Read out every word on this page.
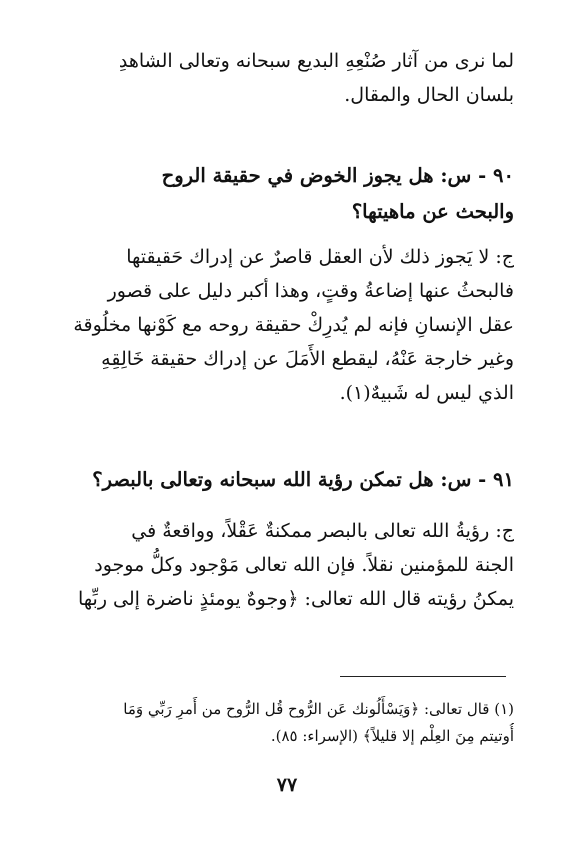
لما نرى من آثار صُنْعِهِ البديع سبحانه وتعالى الشاهدِ
بلسان الحال والمقال.
٩٠ - س: هل يجوز الخوض في حقيقة الروح
والبحث عن ماهيتها؟
ج: لا يَجوز ذلك لأن العقل قاصرٌ عن إدراك حَقيقتها
فالبحثُ عنها إضاعةُ وقتٍ، وهذا أكبر دليل على قصور
عقل الإنسانِ فإنه لم يُدرِكْ حقيقة روحه مع كَوْنها مخلُوقة
وغير خارجة عَنْهُ، ليقطع الأَمَلَ عن إدراك حقيقة خَالِقِهِ
الذي ليس له شَبيهٌ(١).
٩١ - س: هل تمكن رؤية الله سبحانه وتعالى بالبصر؟
ج: رؤيةُ الله تعالى بالبصر ممكنةٌ عَقْلاً، وواقعةٌ في
الجنة للمؤمنين نقلاً. فإن الله تعالى مَوْجود وكلُّ موجود
يمكنُ رؤيته قال الله تعالى: ﴿وجوهٌ يومئذٍ ناضرة إلى ربِّها
(١) قال تعالى: ﴿وَيَسْأَلُونك عَن الرُّوح قُل الرُّوح من أَمرِ رَبِّي وَمَا
أُوتيتم مِنَ العِلْم إلا قليلاً﴾ (الإسراء: ٨٥).
٧٧
